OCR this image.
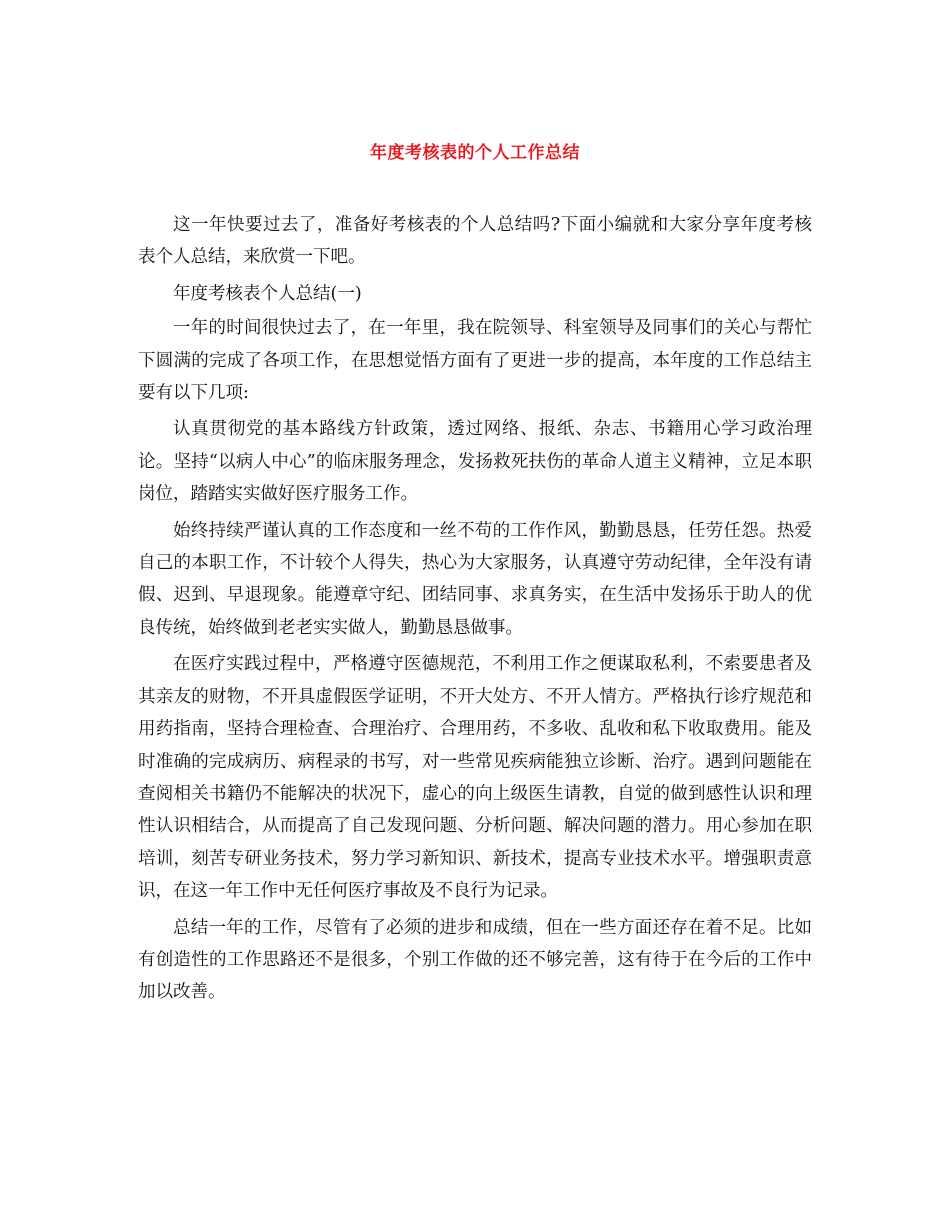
年度考核表的个人工作总结

这一年快要过去了，准备好考核表的个人总结吗?下面小编就和大家分享年度考核表个人总结，来欣赏一下吧。

年度考核表个人总结(一)

一年的时间很快过去了，在一年里，我在院领导、科室领导及同事们的关心与帮忙下圆满的完成了各项工作，在思想觉悟方面有了更进一步的提高，本年度的工作总结主要有以下几项:

认真贯彻党的基本路线方针政策，透过网络、报纸、杂志、书籍用心学习政治理论。坚持“以病人中心”的临床服务理念，发扬救死扶伤的革命人道主义精神，立足本职岗位，踏踏实实做好医疗服务工作。

始终持续严谨认真的工作态度和一丝不苟的工作作风，勤勤恳恳，任劳任怨。热爱自己的本职工作，不计较个人得失，热心为大家服务，认真遵守劳动纪律，全年没有请假、迟到、早退现象。能遵章守纪、团结同事、求真务实，在生活中发扬乐于助人的优良传统，始终做到老老实实做人，勤勤恳恳做事。

在医疗实践过程中，严格遵守医德规范，不利用工作之便谋取私利，不索要患者及其亲友的财物，不开具虚假医学证明，不开大处方、不开人情方。严格执行诊疗规范和用药指南，坚持合理检查、合理治疗、合理用药，不多收、乱收和私下收取费用。能及时准确的完成病历、病程录的书写，对一些常见疾病能独立诊断、治疗。遇到问题能在查阅相关书籍仍不能解决的状况下，虚心的向上级医生请教，自觉的做到感性认识和理性认识相结合，从而提高了自己发现问题、分析问题、解决问题的潜力。用心参加在职培训，刻苦专研业务技术，努力学习新知识、新技术，提高专业技术水平。增强职责意识，在这一年工作中无任何医疗事故及不良行为记录。

总结一年的工作，尽管有了必须的进步和成绩，但在一些方面还存在着不足。比如有创造性的工作思路还不是很多，个别工作做的还不够完善，这有待于在今后的工作中加以改善。
